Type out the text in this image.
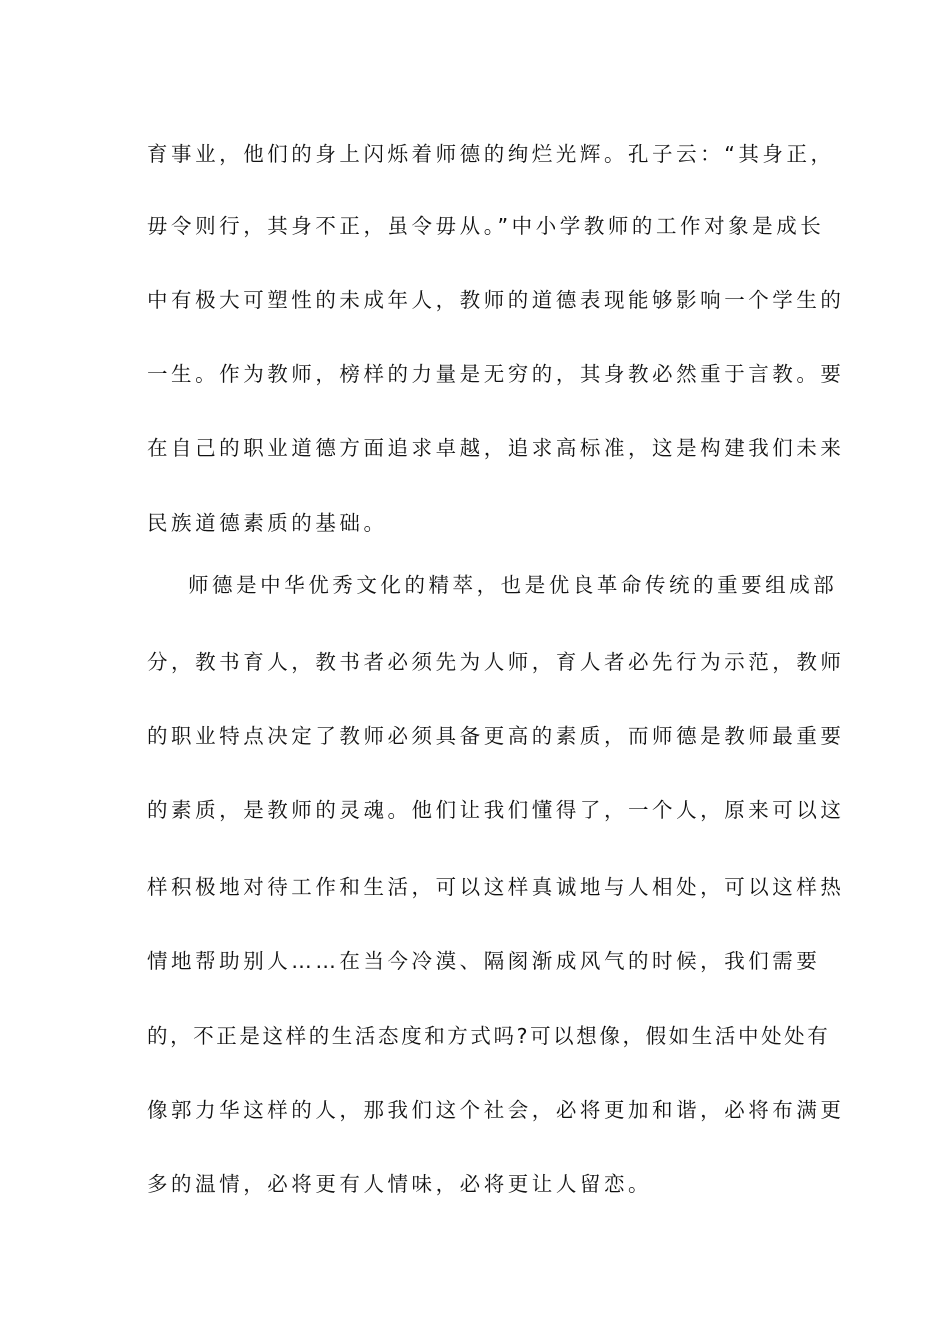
育事业，他们的身上闪烁着师德的绚烂光辉。孔子云：“其身正，
毋令则行，其身不正，虽令毋从。”中小学教师的工作对象是成长
中有极大可塑性的未成年人，教师的道德表现能够影响一个学生的
一生。作为教师，榜样的力量是无穷的，其身教必然重于言教。要
在自己的职业道德方面追求卓越，追求高标准，这是构建我们未来
民族道德素质的基础。
师德是中华优秀文化的精萃，也是优良革命传统的重要组成部
分，教书育人，教书者必须先为人师，育人者必先行为示范，教师
的职业特点决定了教师必须具备更高的素质，而师德是教师最重要
的素质，是教师的灵魂。他们让我们懂得了，一个人，原来可以这
样积极地对待工作和生活，可以这样真诚地与人相处，可以这样热
情地帮助别人……在当今冷漠、隔阂渐成风气的时候，我们需要
的，不正是这样的生活态度和方式吗?可以想像，假如生活中处处有
像郭力华这样的人，那我们这个社会，必将更加和谐，必将布满更
多的温情，必将更有人情味，必将更让人留恋。
